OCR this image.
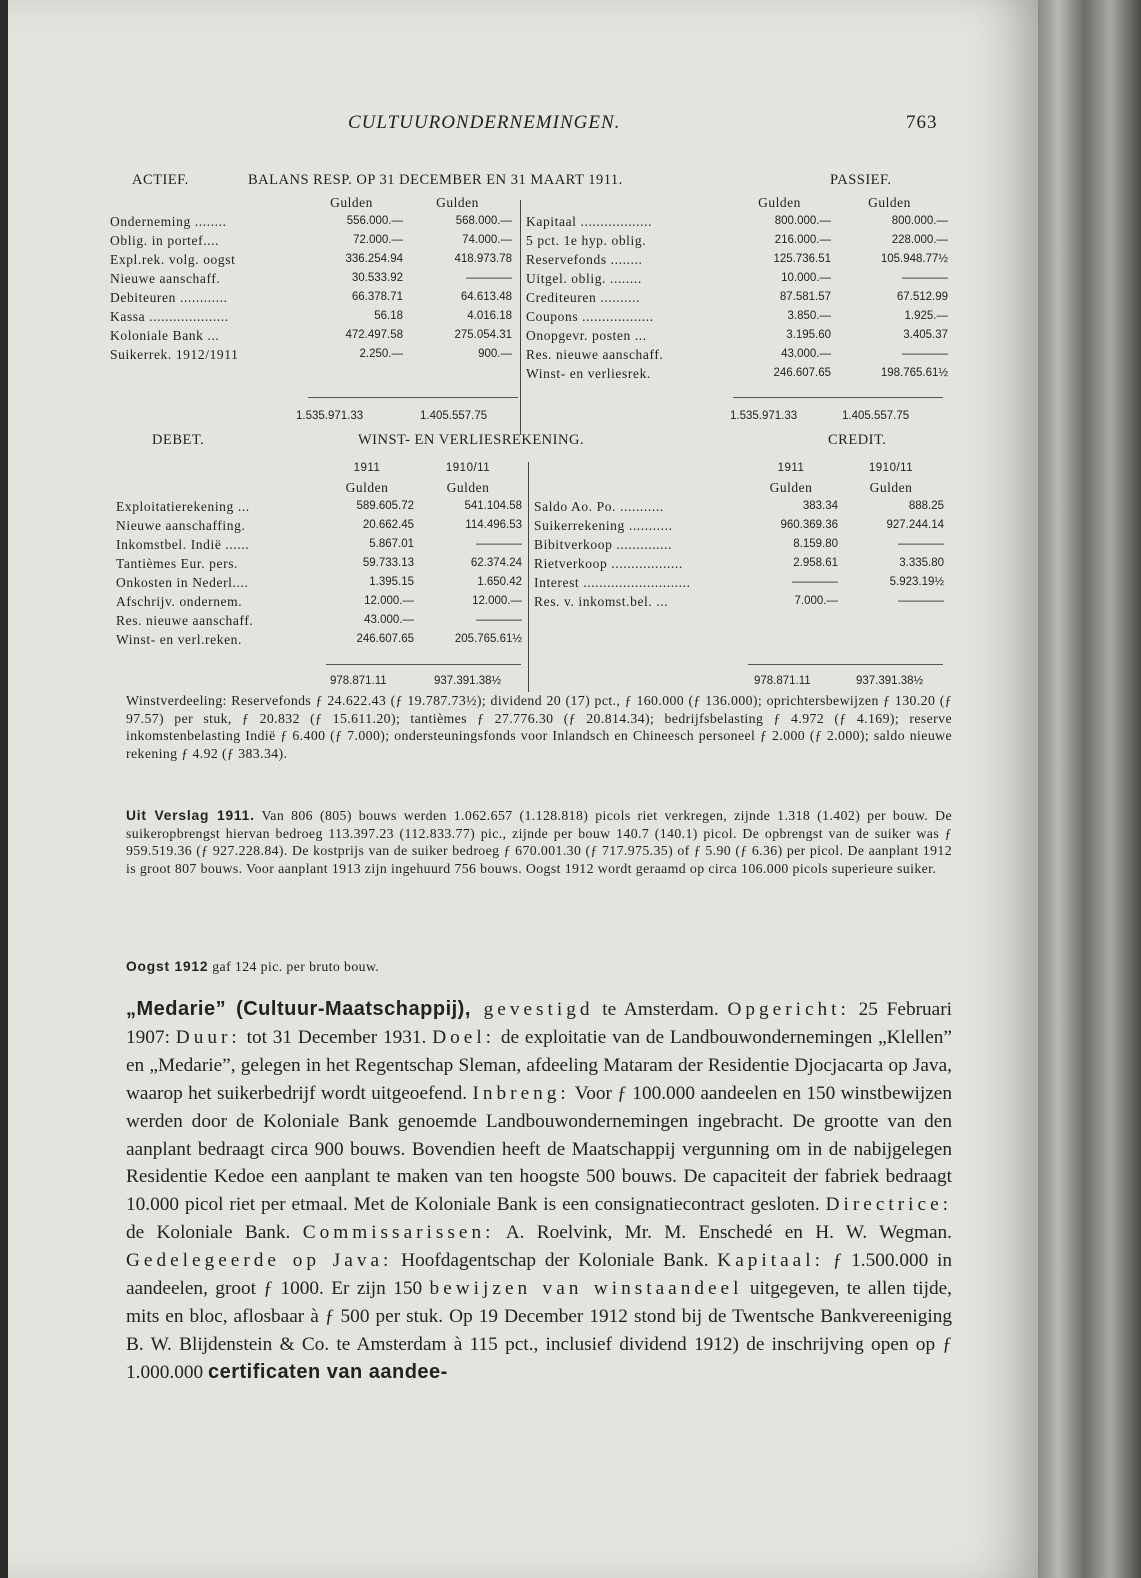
CULTUURONDERNEMINGEN.	763
ACTIEF.	BALANS RESP. OP 31 DECEMBER EN 31 MAART 1911.	PASSIEF.
	Gulden	Gulden
Onderneming ........	556.000.—	568.000.—
Oblig. in portef....	72.000.—	74.000.—
Expl.rek. volg. oogst	336.254.94	418.973.78
Nieuwe aanschaff.	30.533.92	————
Debiteuren ............	66.378.71	64.613.48
Kassa ....................	56.18	4.016.18
Koloniale Bank ...	472.497.58	275.054.31
Suikerrek. 1912/1911	2.250.—	900.—
	Gulden	Gulden
Kapitaal ..................	800.000.—	800.000.—
5 pct. 1e hyp. oblig.	216.000.—	228.000.—
Reservefonds ........	125.736.51	105.948.77½
Uitgel. oblig. ........	10.000.—	————
Crediteuren ..........	87.581.57	67.512.99
Coupons ..................	3.850.—	1.925.—
Onopgevr. posten ...	3.195.60	3.405.37
Res. nieuwe aanschaff.	43.000.—	————
Winst- en verliesrek.	246.607.65	198.765.61½
1.535.971.33	1.405.557.75	1.535.971.33	1.405.557.75
DEBET.	WINST- EN VERLIESREKENING.	CREDIT.
	1911	1910/11
	Gulden	Gulden
Exploitatierekening ...	589.605.72	541.104.58
Nieuwe aanschaffing.	20.662.45	114.496.53
Inkomstbel. Indië ......	5.867.01	————
Tantièmes Eur. pers.	59.733.13	62.374.24
Onkosten in Nederl....	1.395.15	1.650.42
Afschrijv. ondernem.	12.000.—	12.000.—
Res. nieuwe aanschaff.	43.000.—	————
Winst- en verl.reken.	246.607.65	205.765.61½
	1911	1910/11
	Gulden	Gulden
Saldo Ao. Po. ...........	383.34	888.25
Suikerrekening ...........	960.369.36	927.244.14
Bibitverkoop ..............	8.159.80	————
Rietverkoop ..................	2.958.61	3.335.80
Interest ...........................	————	5.923.19½
Res. v. inkomst.bel. ...	7.000.—	————
978.871.11	937.391.38½	978.871.11	937.391.38½
Winstverdeeling: Reservefonds ƒ 24.622.43 (ƒ 19.787.73½); dividend 20 (17) pct., ƒ 160.000 (ƒ 136.000); oprichtersbewijzen ƒ 130.20 (ƒ 97.57) per stuk, ƒ 20.832 (ƒ 15.611.20); tantièmes ƒ 27.776.30 (ƒ 20.814.34); bedrijfsbelasting ƒ 4.972 (ƒ 4.169); reserve inkomstenbelasting Indië ƒ 6.400 (ƒ 7.000); ondersteuningsfonds voor Inlandsch en Chineesch personeel ƒ 2.000 (ƒ 2.000); saldo nieuwe rekening ƒ 4.92 (ƒ 383.34).
Uit Verslag 1911. Van 806 (805) bouws werden 1.062.657 (1.128.818) picols riet verkregen, zijnde 1.318 (1.402) per bouw. De suikeropbrengst hiervan bedroeg 113.397.23 (112.833.77) pic., zijnde per bouw 140.7 (140.1) picol. De opbrengst van de suiker was ƒ 959.519.36 (ƒ 927.228.84). De kostprijs van de suiker bedroeg ƒ 670.001.30 (ƒ 717.975.35) of ƒ 5.90 (ƒ 6.36) per picol. De aanplant 1912 is groot 807 bouws. Voor aanplant 1913 zijn ingehuurd 756 bouws. Oogst 1912 wordt geraamd op circa 106.000 picols superieure suiker.
Oogst 1912 gaf 124 pic. per bruto bouw.
„Medarie” (Cultuur-Maatschappij), gevestigd te Amsterdam. Opgericht: 25 Februari 1907: Duur: tot 31 December 1931. Doel: de exploitatie van de Landbouwondernemingen „Klellen” en „Medarie”, gelegen in het Regentschap Sleman, afdeeling Mataram der Residentie Djocjacarta op Java, waarop het suikerbedrijf wordt uitgeoefend. Inbreng: Voor ƒ 100.000 aandeelen en 150 winstbewijzen werden door de Koloniale Bank genoemde Landbouwondernemingen ingebracht. De grootte van den aanplant bedraagt circa 900 bouws. Bovendien heeft de Maatschappij vergunning om in de nabijgelegen Residentie Kedoe een aanplant te maken van ten hoogste 500 bouws. De capaciteit der fabriek bedraagt 10.000 picol riet per etmaal. Met de Koloniale Bank is een consignatiecontract gesloten. Directrice: de Koloniale Bank. Commissarissen: A. Roelvink, Mr. M. Enschedé en H. W. Wegman. Gedelegeerde op Java: Hoofdagentschap der Koloniale Bank. Kapitaal: ƒ 1.500.000 in aandeelen, groot ƒ 1000. Er zijn 150 bewijzen van winstaandeel uitgegeven, te allen tijde, mits en bloc, aflosbaar à ƒ 500 per stuk. Op 19 December 1912 stond bij de Twentsche Bankvereeniging B. W. Blijdenstein & Co. te Amsterdam à 115 pct., inclusief dividend 1912) de inschrijving open op ƒ 1.000.000 certificaten van aandee-
